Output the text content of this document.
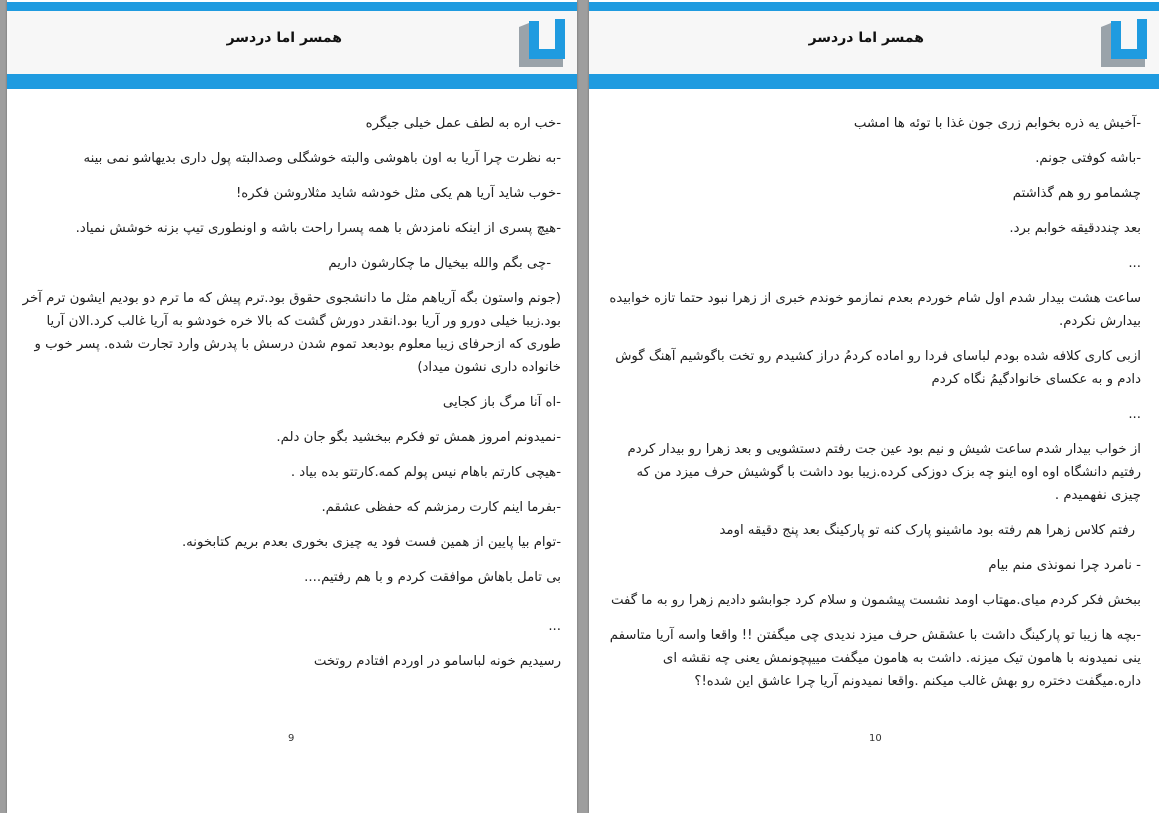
همسر اما دردسر

-خب اره به لطف عمل خیلی جیگره

-به نظرت چرا آریا به اون باهوشی والبته خوشگلی وصدالبته پول داری بدیهاشو نمی بینه

-خوب شاید آریا هم یکی مثل خودشه شاید مثلاروشن فکره!

-هیچ پسری از اینکه نامزدش با همه پسرا راحت باشه و اونطوری تیپ بزنه خوشش نمیاد.

-چی بگم والله بیخیال ما چکارشون داریم

(جونم واستون بگه آریاهم مثل ما دانشجوی حقوق بود.ترم پیش که ما ترم دو بودیم ایشون ترم آخر بود.زیبا خیلی دورو ور آریا بود.انقدر دورش گشت که بالا خره خودشو به آریا غالب کرد.الان آریا طوری که ازحرفای زیبا معلوم بودبعد تموم شدن درسش با پدرش وارد تجارت شده. پسر خوب و خانواده داری نشون میداد)

-اه آنا مرگ باز کجایی

-نمیدونم امروز همش تو فکرم ببخشید بگو جان دلم.

-هیچی کارتم باهام نیس پولم کمه.کارتتو بده بیاد .

-بفرما اینم کارت رمزشم که حفظی عشقم.

-توام بیا پایین از همین فست فود یه چیزی بخوری بعدم بریم کتابخونه.

بی تامل باهاش موافقت کردم و با هم رفتیم....

...

رسیدیم خونه لباسامو در اوردم افتادم روتخت

9
همسر اما دردسر

-آخیش یه ذره بخوابم زری جون غذا با توئه ها امشب

-باشه کوفتی جونم.

چشمامو رو هم گذاشتم

بعد چنددقیقه خوابم برد.

...

ساعت هشت بیدار شدم اول شام خوردم بعدم نمازمو خوندم خبری از زهرا نبود حتما تازه خوابیده بیدارش نکردم.

ازبی کاری کلافه شده بودم لباسای فردا رو اماده کردمُ دراز کشیدم رو تخت باگوشیم آهنگ گوش دادم و به عکسای خانوادگیمُ نگاه کردم

...

از خواب بیدار شدم ساعت شیش و نیم بود عین جت رفتم دستشویی و بعد زهرا رو بیدار کردم رفتیم دانشگاه اوه اوه اینو چه بزک دوزکی کرده.زیبا بود داشت با گوشیش حرف میزد من که چیزی نفهمیدم .

رفتم کلاس زهرا هم رفته بود ماشینو پارک کنه تو پارکینگ بعد پنج دقیقه اومد

- نامرد چرا نمونذی منم بیام

ببخش فکر کردم میای.مهتاب اومد نشست پیشمون و سلام کرد جوابشو دادیم زهرا رو به ما گفت

-بچه ها زیبا تو پارکینگ داشت با عشقش حرف میزد ندیدی چی میگفتن !! واقعا واسه آریا متاسفم ینی نمیدونه با هامون تیک میزنه. داشت به هامون میگفت مییپچونمش یعنی چه نقشه ای داره.میگفت دختره رو بهش غالب میکنم .واقعا نمیدونم آریا چرا عاشق این شده!؟

10
